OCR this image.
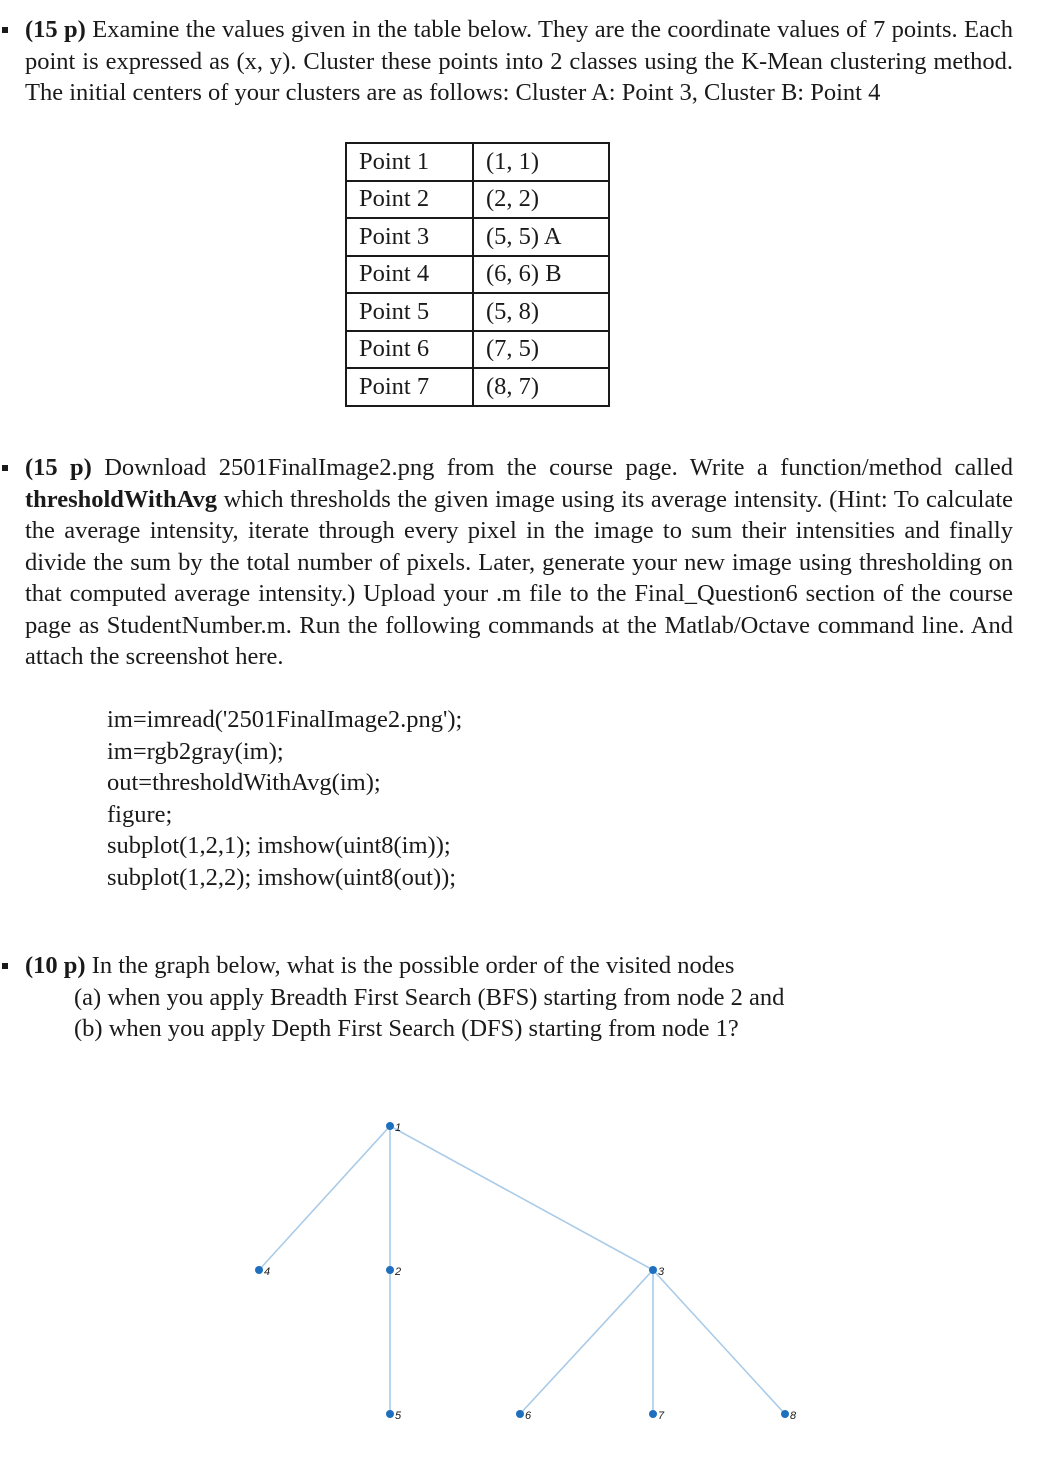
(15 p) Examine the values given in the table below. They are the coordinate values of 7 points. Each point is expressed as (x, y). Cluster these points into 2 classes using the K-Mean clustering method. The initial centers of your clusters are as follows: Cluster A: Point 3, Cluster B: Point 4
Point 1	(1, 1)
Point 2	(2, 2)
Point 3	(5, 5) A
Point 4	(6, 6) B
Point 5	(5, 8)
Point 6	(7, 5)
Point 7	(8, 7)
(15 p) Download 2501FinalImage2.png from the course page. Write a function/method called thresholdWithAvg which thresholds the given image using its average intensity. (Hint: To calculate the average intensity, iterate through every pixel in the image to sum their intensities and finally divide the sum by the total number of pixels. Later, generate your new image using thresholding on that computed average intensity.) Upload your .m file to the Final_Question6 section of the course page as StudentNumber.m. Run the following commands at the Matlab/Octave command line. And attach the screenshot here.
im=imread('2501FinalImage2.png');
im=rgb2gray(im);
out=thresholdWithAvg(im);
figure;
subplot(1,2,1); imshow(uint8(im));
subplot(1,2,2); imshow(uint8(out));
(10 p) In the graph below, what is the possible order of the visited nodes
(a) when you apply Breadth First Search (BFS) starting from node 2 and
(b) when you apply Depth First Search (DFS) starting from node 1?
1
2	3
4
5	6	7	8
